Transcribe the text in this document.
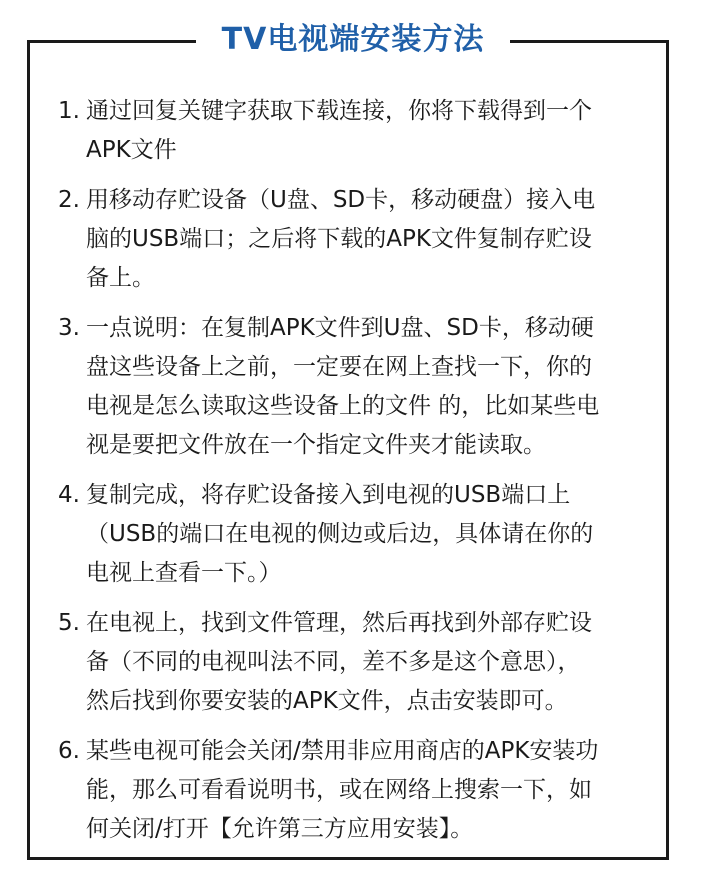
TV电视端安装方法
1. 通过回复关键字获取下载连接，你将下载得到一个
APK文件
2. 用移动存贮设备（U盘、SD卡，移动硬盘）接入电
脑的USB端口；之后将下载的APK文件复制存贮设
备上。
3. 一点说明：在复制APK文件到U盘、SD卡，移动硬
盘这些设备上之前，一定要在网上查找一下，你的
电视是怎么读取这些设备上的文件 的，比如某些电
视是要把文件放在一个指定文件夹才能读取。
4. 复制完成，将存贮设备接入到电视的USB端口上
（USB的端口在电视的侧边或后边，具体请在你的
电视上查看一下。）
5. 在电视上，找到文件管理，然后再找到外部存贮设
备（不同的电视叫法不同，差不多是这个意思），
然后找到你要安装的APK文件，点击安装即可。
6. 某些电视可能会关闭/禁用非应用商店的APK安装功
能，那么可看看说明书，或在网络上搜索一下，如
何关闭/打开【允许第三方应用安装】。
